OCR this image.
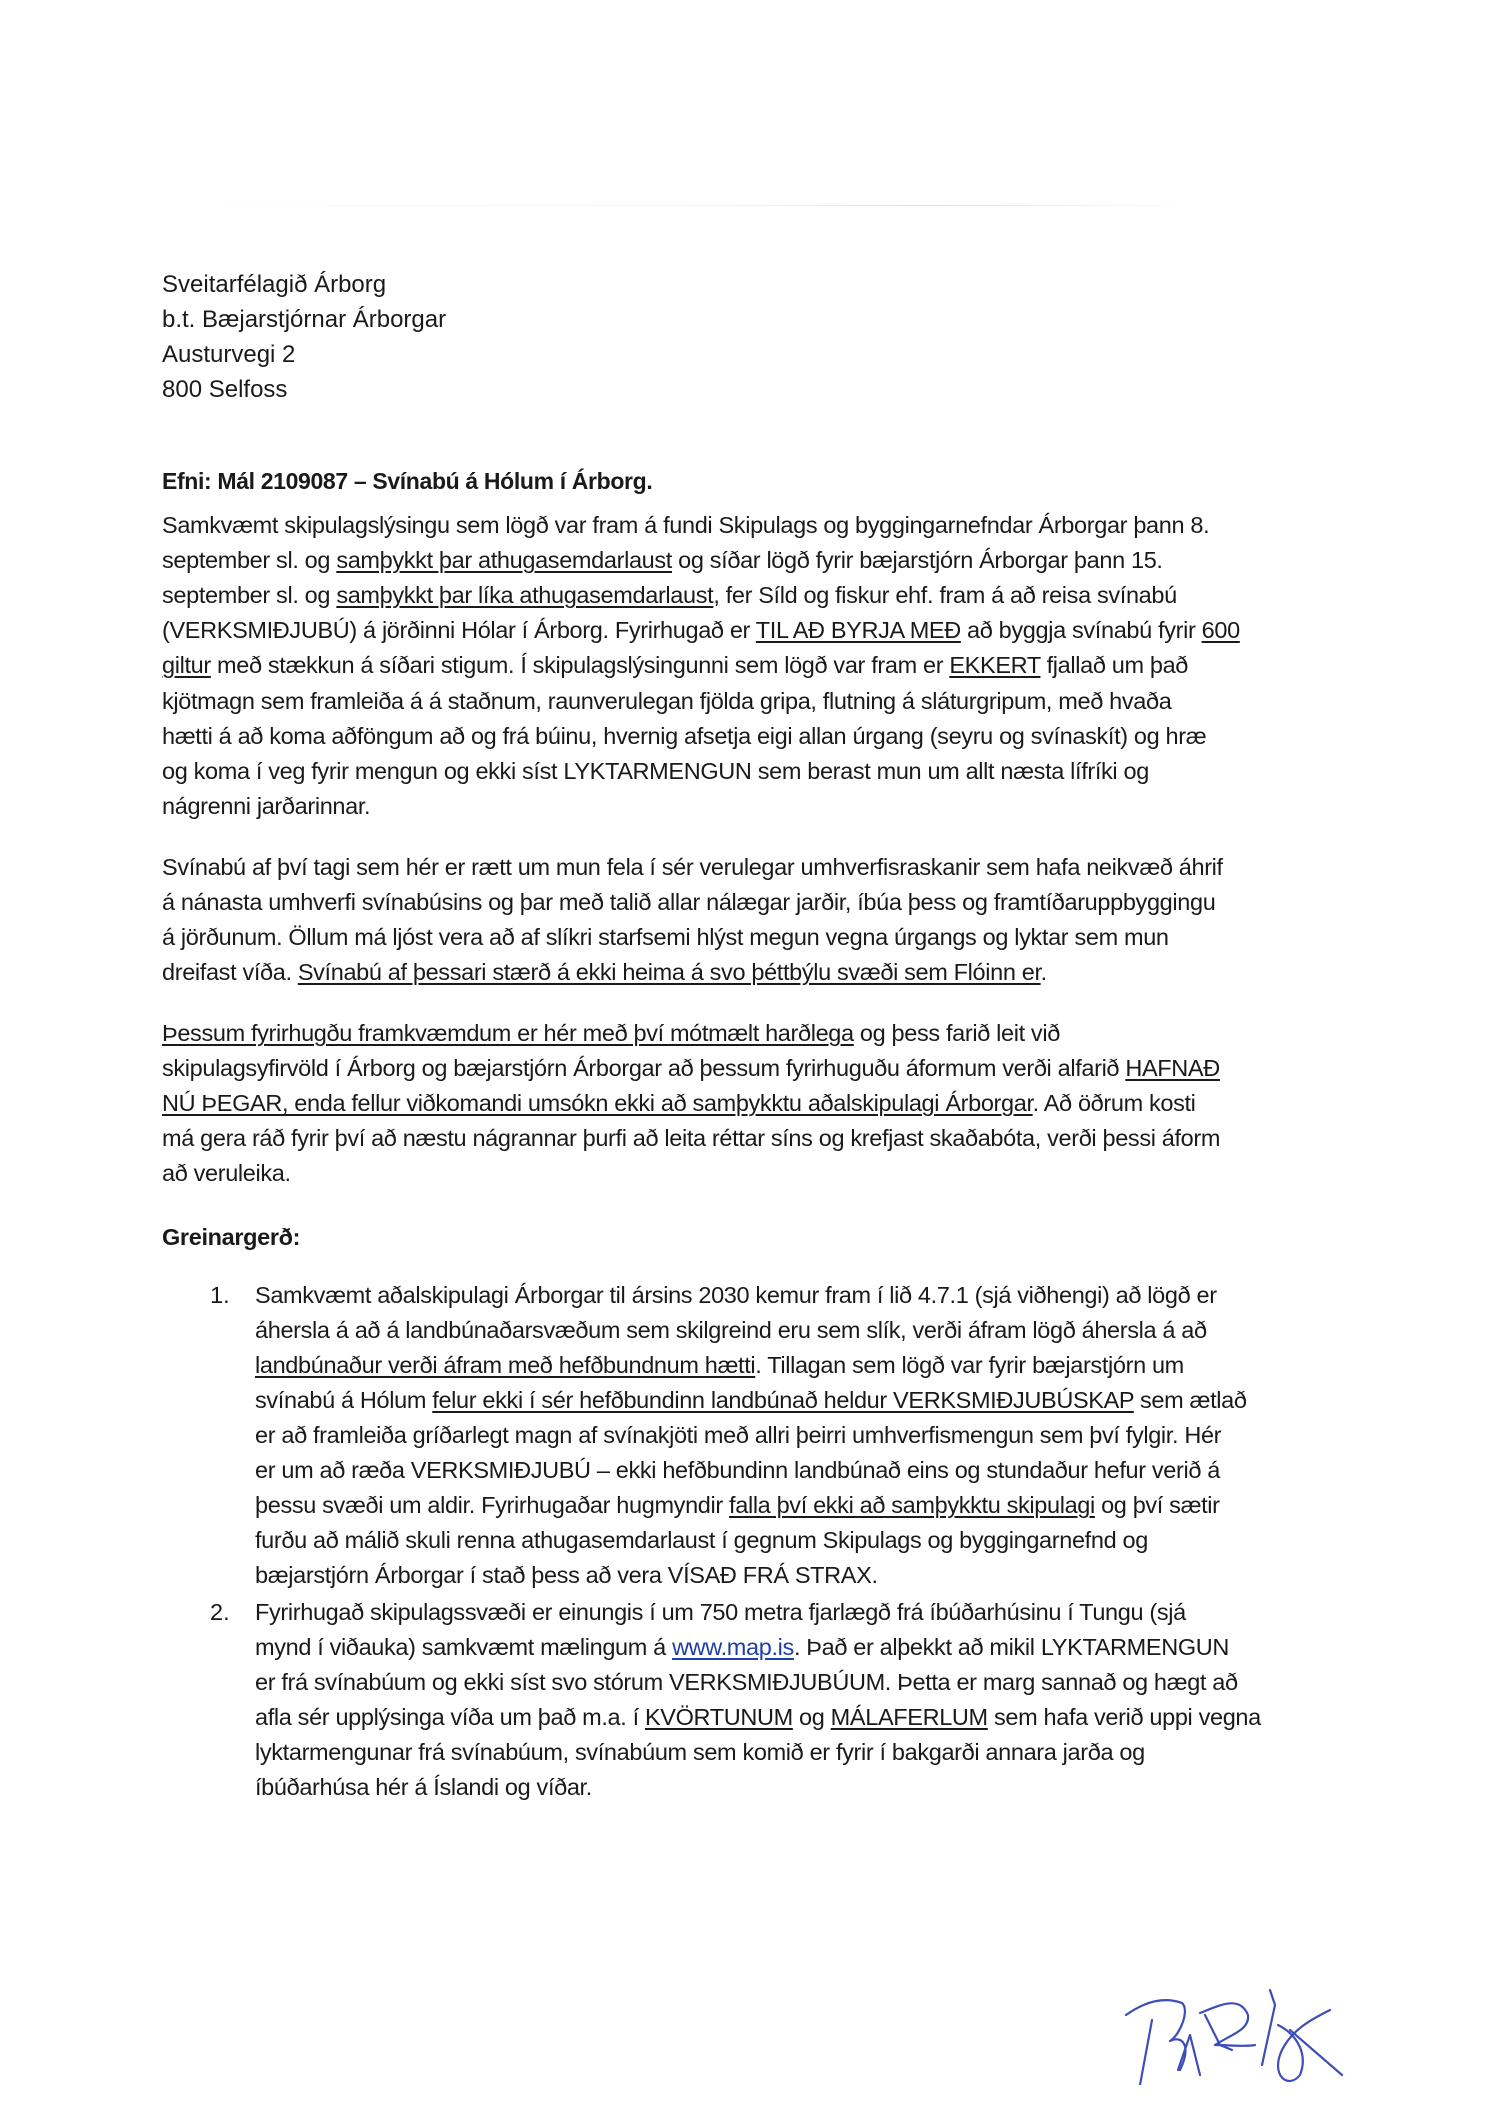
Sveitarfélagið Árborg
b.t. Bæjarstjórnar Árborgar
Austurvegi 2
800 Selfoss
Efni: Mál 2109087 – Svínabú á Hólum í Árborg.
Samkvæmt skipulagslýsingu sem lögð var fram á fundi Skipulags og byggingarnefndar Árborgar þann 8.
september sl. og samþykkt þar athugasemdarlaust og síðar lögð fyrir bæjarstjórn Árborgar þann 15.
september sl. og samþykkt þar líka athugasemdarlaust, fer Síld og fiskur ehf. fram á að reisa svínabú
(VERKSMIÐJUBÚ) á jörðinni Hólar í Árborg. Fyrirhugað er TIL AÐ BYRJA MEÐ að byggja svínabú fyrir 600
giltur með stækkun á síðari stigum. Í skipulagslýsingunni sem lögð var fram er EKKERT fjallað um það
kjötmagn sem framleiða á á staðnum, raunverulegan fjölda gripa, flutning á sláturgripum, með hvaða
hætti á að koma aðföngum að og frá búinu, hvernig afsetja eigi allan úrgang (seyru og svínaskít) og hræ
og koma í veg fyrir mengun og ekki síst LYKTARMENGUN sem berast mun um allt næsta lífríki og
nágrenni jarðarinnar.
Svínabú af því tagi sem hér er rætt um mun fela í sér verulegar umhverfisraskanir sem hafa neikvæð áhrif
á nánasta umhverfi svínabúsins og þar með talið allar nálægar jarðir, íbúa þess og framtíðaruppbyggingu
á jörðunum. Öllum má ljóst vera að af slíkri starfsemi hlýst megun vegna úrgangs og lyktar sem mun
dreifast víða. Svínabú af þessari stærð á ekki heima á svo þéttbýlu svæði sem Flóinn er.
Þessum fyrirhugðu framkvæmdum er hér með því mótmælt harðlega og þess farið leit við
skipulagsyfirvöld í Árborg og bæjarstjórn Árborgar að þessum fyrirhuguðu áformum verði alfarið HAFNAÐ
NÚ ÞEGAR, enda fellur viðkomandi umsókn ekki að samþykktu aðalskipulagi Árborgar. Að öðrum kosti
má gera ráð fyrir því að næstu nágrannar þurfi að leita réttar síns og krefjast skaðabóta, verði þessi áform
að veruleika.
Greinargerð:
1. Samkvæmt aðalskipulagi Árborgar til ársins 2030 kemur fram í lið 4.7.1 (sjá viðhengi) að lögð er
áhersla á að á landbúnaðarsvæðum sem skilgreind eru sem slík, verði áfram lögð áhersla á að
landbúnaður verði áfram með hefðbundnum hætti. Tillagan sem lögð var fyrir bæjarstjórn um
svínabú á Hólum felur ekki í sér hefðbundinn landbúnað heldur VERKSMIÐJUBÚSKAP sem ætlað
er að framleiða gríðarlegt magn af svínakjöti með allri þeirri umhverfismengun sem því fylgir. Hér
er um að ræða VERKSMIÐJUBÚ – ekki hefðbundinn landbúnað eins og stundaður hefur verið á
þessu svæði um aldir. Fyrirhugaðar hugmyndir falla því ekki að samþykktu skipulagi og því sætir
furðu að málið skuli renna athugasemdarlaust í gegnum Skipulags og byggingarnefnd og
bæjarstjórn Árborgar í stað þess að vera VÍSAÐ FRÁ STRAX.
2. Fyrirhugað skipulagssvæði er einungis í um 750 metra fjarlægð frá íbúðarhúsinu í Tungu (sjá
mynd í viðauka) samkvæmt mælingum á www.map.is. Það er alþekkt að mikil LYKTARMENGUN
er frá svínabúum og ekki síst svo stórum VERKSMIÐJUBÚUM. Þetta er marg sannað og hægt að
afla sér upplýsinga víða um það m.a. í KVÖRTUNUM og MÁLAFERLUM sem hafa verið uppi vegna
lyktarmengunar frá svínabúum, svínabúum sem komið er fyrir í bakgarði annara jarða og
íbúðarhúsa hér á Íslandi og víðar.
